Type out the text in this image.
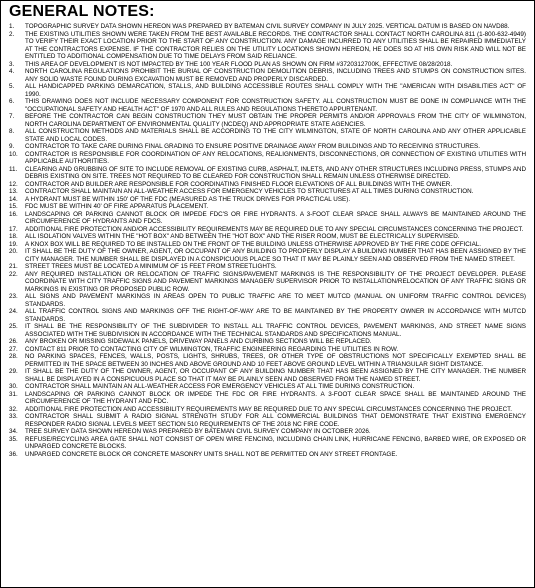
GENERAL NOTES:
1.	TOPOGRAPHIC SURVEY DATA SHOWN HEREON WAS PREPARED BY BATEMAN CIVIL SURVEY COMPANY IN JULY 2025. VERTICAL DATUM IS BASED ON NAVD88.
2.	THE EXISTING UTILITIES SHOWN WERE TAKEN FROM THE BEST AVAILABLE RECORDS. THE CONTRACTOR SHALL CONTACT NORTH CAROLINA 811 (1-800-632-4949) TO VERIFY THEIR EXACT LOCATION PRIOR TO THE START OF ANY CONSTRUCTION. ANY DAMAGE INCURRED TO ANY UTILITIES SHALL BE REPAIRED IMMEDIATELY AT THE CONTRACTORS EXPENSE. IF THE CONTRACTOR RELIES ON THE UTILITY LOCATIONS SHOWN HEREON, HE DOES SO AT HIS OWN RISK AND WILL NOT BE ENTITLED TO ADDITIONAL COMPENSATION DUE TO TIME DELAYS FROM SAID RELIANCE.
3.	THIS AREA OF DEVELOPMENT IS NOT IMPACTED BY THE 100 YEAR FLOOD PLAN AS SHOWN ON FIRM #3720312700K, EFFECTIVE 08/28/2018.
4.	NORTH CAROLINA REGULATIONS PROHIBIT THE BURIAL OF CONSTRUCTION DEMOLITION DEBRIS, INCLUDING TREES AND STUMPS ON CONSTRUCTION SITES. ANY SOLID WASTE FOUND DURING EXCAVATION MUST BE REMOVED AND PROPERLY DISCARDED.
5.	ALL HANDICAPPED PARKING DEMARCATION, STALLS, AND BUILDING ACCESSIBLE ROUTES SHALL COMPLY WITH THE "AMERICAN WITH DISABILITIES ACT" OF 1990.
6.	THIS DRAWING DOES NOT INCLUDE NECESSARY COMPONENT FOR CONSTRUCTION SAFETY. ALL CONSTRUCTION MUST BE DONE IN COMPLIANCE WITH THE "OCCUPATIONAL SAFETY AND HEALTH ACT" OF 1970 AND ALL RULES AND REGULATIONS THERETO APPURTENANT.
7.	BEFORE THE CONTRACTOR CAN BEGIN CONSTRUCTION THEY MUST OBTAIN THE PROPER PERMITS AND/OR APPROVALS FROM THE CITY OF WILMINGTON, NORTH CAROLINA DEPARTMENT OF ENVIRONMENTAL QUALITY (NCDEQ) AND APPROPRIATE STATE AGENCIES.
8.	ALL CONSTRUCTION METHODS AND MATERIALS SHALL BE ACCORDING TO THE CITY WILMINGTON, STATE OF NORTH CAROLINA AND ANY OTHER APPLICABLE STATE AND LOCAL CODES.
9.	CONTRACTOR TO TAKE CARE DURING FINAL GRADING TO ENSURE POSITIVE DRAINAGE AWAY FROM BUILDINGS AND TO RECEIVING STRUCTURES.
10.	CONTRACTOR IS RESPONSIBLE FOR COORDINATION OF ANY RELOCATIONS, REALIGNMENTS, DISCONNECTIONS, OR CONNECTION OF EXISTING UTILITIES WITH APPLICABLE AUTHORITIES.
11.	CLEARING AND GRUBBING OF SITE TO INCLUDE REMOVAL OF EXISTING CURB, ASPHALT, INLETS, AND ANY OTHER STRUCTURES INCLUDING PRESS, STUMPS AND DEBRIS EXISTING ON SITE. TREES NOT REQUIRED TO BE CLEARED FOR CONSTRUCTION SHALL REMAIN UNLESS OTHERWISE DIRECTED.
12.	CONTRACTOR AND BUILDER ARE RESPONSIBLE FOR COORDINATING FINISHED FLOOR ELEVATIONS OF ALL BUILDINGS WITH THE OWNER.
13.	CONTRACTOR SHALL MAINTAIN AN ALL-WEATHER ACCESS FOR EMERGENCY VEHICLES TO STRUCTURES AT ALL TIMES DURING CONSTRUCTION.
14.	A HYDRANT MUST BE WITHIN 150' OF THE FDC (MEASURED AS THE TRUCK DRIVES FOR PRACTICAL USE).
15.	FDC MUST BE WITHIN 40' OF FIRE APPARATUS PLACEMENT.
16.	LANDSCAPING OR PARKING CANNOT BLOCK OR IMPEDE FDC'S OR FIRE HYDRANTS. A 3-FOOT CLEAR SPACE SHALL ALWAYS BE MAINTAINED AROUND THE CIRCUMFERENCE OF HYDRANTS AND FDCS.
17.	ADDITIONAL FIRE PROTECTION AND/OR ACCESSIBILITY REQUIREMENTS MAY BE REQUIRED DUE TO ANY SPECIAL CIRCUMSTANCES CONCERNING THE PROJECT.
18.	ALL ISOLATION VALVES WITHIN THE "HOT BOX" AND BETWEEN THE "HOT BOX" AND THE RISER ROOM, MUST BE ELECTRICALLY SUPERVISED.
19.	A KNOX BOX WILL BE REQUIRED TO BE INSTALLED ON THE FRONT OF THE BUILDING UNLESS OTHERWISE APPROVED BY THE FIRE CODE OFFICIAL.
20.	IT SHALL BE THE DUTY OF THE OWNER, AGENT, OR OCCUPANT OF ANY BUILDING TO PROPERLY DISPLAY A BUILDING NUMBER THAT HAS BEEN ASSIGNED BY THE CITY MANAGER. THE NUMBER SHALL BE DISPLAYED IN A CONSPICUOUS PLACE SO THAT IT MAY BE PLAINLY SEEN AND OBSERVED FROM THE NAMED STREET.
21.	STREET TREES MUST BE LOCATED A MINIMUM OF 15 FEET FROM STREETLIGHTS.
22.	ANY REQUIRED INSTALLATION OR RELOCATION OF TRAFFIC SIGNS/PAVEMENT MARKINGS IS THE RESPONSIBILITY OF THE PROJECT DEVELOPER. PLEASE COORDINATE WITH CITY TRAFFIC SIGNS AND PAVEMENT MARKINGS MANAGER/ SUPERVISOR PRIOR TO INSTALLATION/RELOCATION OF ANY TRAFFIC SIGNS OR MARKINGS IN EXISTING OR PROPOSED PUBLIC ROW.
23.	ALL SIGNS AND PAVEMENT MARKINGS IN AREAS OPEN TO PUBLIC TRAFFIC ARE TO MEET MUTCD (MANUAL ON UNIFORM TRAFFIC CONTROL DEVICES) STANDARDS.
24.	ALL TRAFFIC CONTROL SIGNS AND MARKINGS OFF THE RIGHT-OF-WAY ARE TO BE MAINTAINED BY THE PROPERTY OWNER IN ACCORDANCE WITH MUTCD STANDARDS.
25.	IT SHALL BE THE RESPONSIBILITY OF THE SUBDIVIDER TO INSTALL ALL TRAFFIC CONTROL DEVICES, PAVEMENT MARKINGS, AND STREET NAME SIGNS ASSOCIATED WITH THE SUBDIVISION IN ACCORDANCE WITH THE TECHNICAL STANDARDS AND SPECIFICATIONS MANUAL.
26.	ANY BROKEN OR MISSING SIDEWALK PANELS, DRIVEWAY PANELS AND CURBING SECTIONS WILL BE REPLACED.
27.	CONTACT 811 PRIOR TO CONTACTING CITY OF WILMINGTON, TRAFFIC ENGINEERING REGARDING THE UTILITIES IN ROW.
28.	NO PARKING SPACES, FENCES, WALLS, POSTS, LIGHTS, SHRUBS, TREES, OR OTHER TYPE OF OBSTRUCTIONS NOT SPECIFICALLY EXEMPTED SHALL BE PERMITTED IN THE SPACE BETWEEN 30 INCHES AND ABOVE GROUND AND 10 FEET ABOVE GROUND LEVEL WITHIN A TRIANGULAR SIGHT DISTANCE.
29.	IT SHALL BE THE DUTY OF THE OWNER, AGENT, OR OCCUPANT OF ANY BUILDING NUMBER THAT HAS BEEN ASSIGNED BY THE CITY MANAGER. THE NUMBER SHALL BE DISPLAYED IN A CONSPICUOUS PLACE SO THAT IT MAY BE PLAINLY SEEN AND OBSERVED FROM THE NAMED STREET.
30.	CONTRACTOR SHALL MAINTAIN AN ALL-WEATHER ACCESS FOR EMERGENCY VEHICLES AT ALL TIME DURING CONSTRUCTION.
31.	LANDSCAPING OR PARKING CANNOT BLOCK OR IMPEDE THE FDC OR FIRE HYDRANTS. A 3-FOOT CLEAR SPACE SHALL BE MAINTAINED AROUND THE CIRCUMFERENCE OF THE HYDRANT AND FDC.
32.	ADDITIONAL FIRE PROTECTION AND ACCESSIBILITY REQUIREMENTS MAY BE REQUIRED DUE TO ANY SPECIAL CIRCUMSTANCES CONCERNING THE PROJECT.
33.	CONTRACTOR SHALL SUBMIT A RADIO SIGNAL STRENGTH STUDY FOR ALL COMMERCIAL BUILDINGS THAT DEMONSTRATE THAT EXISTING EMERGENCY RESPONDER RADIO SIGNAL LEVELS MEET SECTION 510 REQUIREMENTS OF THE 2018 NC FIRE CODE.
34.	TREE SURVEY DATA SHOWN HEREON WAS PREPARED BY BATEMAN CIVIL SURVEY COMPANY IN OCTOBER 2026.
35.	REFUSE/RECYCLING AREA GATE SHALL NOT CONSIST OF OPEN WIRE FENCING, INCLUDING CHAIN LINK, HURRICANE FENCING, BARBED WIRE, OR EXPOSED OR UNPARGED CONCRETE BLOCKS.
36.	UNPARGED CONCRETE BLOCK OR CONCRETE MASONRY UNITS SHALL NOT BE PERMITTED ON ANY STREET FRONTAGE.
